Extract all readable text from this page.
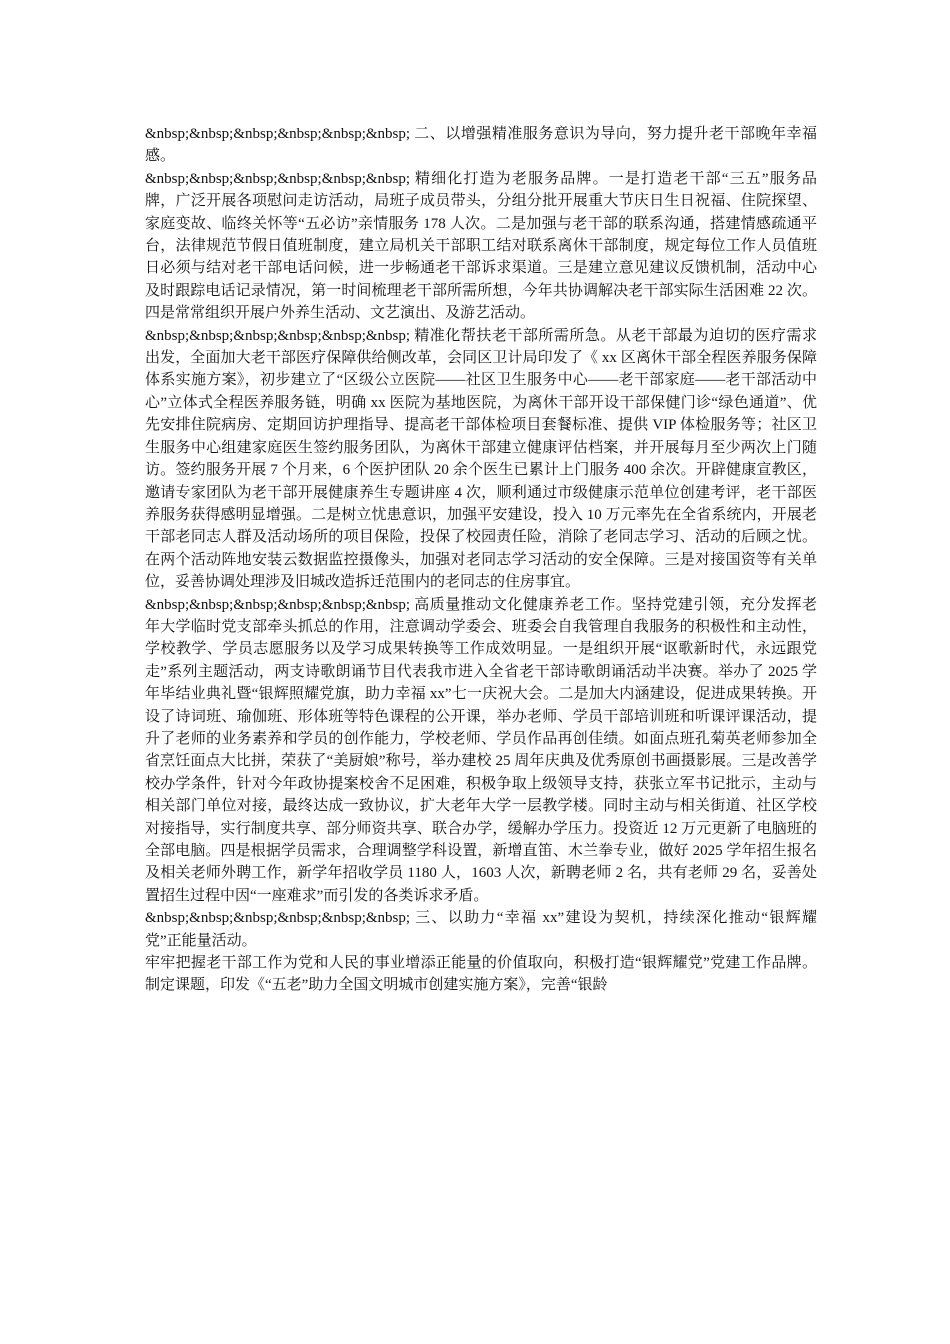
&nbsp;&nbsp;&nbsp;&nbsp;&nbsp;&nbsp; 二、以增强精准服务意识为导向，努力提升老干部晚年幸福感。

&nbsp;&nbsp;&nbsp;&nbsp;&nbsp;&nbsp; 精细化打造为老服务品牌。一是打造老干部“三五”服务品牌，广泛开展各项慰问走访活动，局班子成员带头，分组分批开展重大节庆日生日祝福、住院探望、家庭变故、临终关怀等“五必访”亲情服务 178 人次。二是加强与老干部的联系沟通，搭建情感疏通平台，法律规范节假日值班制度，建立局机关干部职工结对联系离休干部制度，规定每位工作人员值班日必须与结对老干部电话问候，进一步畅通老干部诉求渠道。三是建立意见建议反馈机制，活动中心及时跟踪电话记录情况，第一时间梳理老干部所需所想，今年共协调解决老干部实际生活困难 22 次。四是常常组织开展户外养生活动、文艺演出、及游艺活动。

&nbsp;&nbsp;&nbsp;&nbsp;&nbsp;&nbsp; 精准化帮扶老干部所需所急。从老干部最为迫切的医疗需求出发，全面加大老干部医疗保障供给侧改革，会同区卫计局印发了《 xx 区离休干部全程医养服务保障体系实施方案》，初步建立了“区级公立医院——社区卫生服务中心——老干部家庭——老干部活动中心”立体式全程医养服务链，明确 xx 医院为基地医院，为离休干部开设干部保健门诊“绿色通道”、优先安排住院病房、定期回访护理指导、提高老干部体检项目套餐标准、提供 VIP 体检服务等；社区卫生服务中心组建家庭医生签约服务团队，为离休干部建立健康评估档案，并开展每月至少两次上门随访。签约服务开展 7 个月来，6 个医护团队 20 余个医生已累计上门服务 400 余次。开辟健康宣教区，邀请专家团队为老干部开展健康养生专题讲座 4 次，顺利通过市级健康示范单位创建考评，老干部医养服务获得感明显增强。二是树立忧患意识，加强平安建设，投入 10 万元率先在全省系统内，开展老干部老同志人群及活动场所的项目保险，投保了校园责任险，消除了老同志学习、活动的后顾之忧。在两个活动阵地安装云数据监控摄像头，加强对老同志学习活动的安全保障。三是对接国资等有关单位，妥善协调处理涉及旧城改造拆迁范围内的老同志的住房事宜。

&nbsp;&nbsp;&nbsp;&nbsp;&nbsp;&nbsp; 高质量推动文化健康养老工作。坚持党建引领，充分发挥老年大学临时党支部牵头抓总的作用，注意调动学委会、班委会自我管理自我服务的积极性和主动性，学校教学、学员志愿服务以及学习成果转换等工作成效明显。一是组织开展“讴歌新时代，永远跟党走”系列主题活动，两支诗歌朗诵节目代表我市进入全省老干部诗歌朗诵活动半决赛。举办了 2025 学年毕结业典礼暨“银辉照耀党旗，助力幸福 xx”七一庆祝大会。二是加大内涵建设，促进成果转换。开设了诗词班、瑜伽班、形体班等特色课程的公开课，举办老师、学员干部培训班和听课评课活动，提升了老师的业务素养和学员的创作能力，学校老师、学员作品再创佳绩。如面点班孔菊英老师参加全省烹饪面点大比拼，荣获了“美厨娘”称号，举办建校 25 周年庆典及优秀原创书画摄影展。三是改善学校办学条件，针对今年政协提案校舍不足困难，积极争取上级领导支持，获张立军书记批示，主动与相关部门单位对接，最终达成一致协议，扩大老年大学一层教学楼。同时主动与相关街道、社区学校对接指导，实行制度共享、部分师资共享、联合办学，缓解办学压力。投资近 12 万元更新了电脑班的全部电脑。四是根据学员需求，合理调整学科设置，新增直笛、木兰拳专业，做好 2025 学年招生报名及相关老师外聘工作，新学年招收学员 1180 人，1603 人次，新聘老师 2 名，共有老师 29 名，妥善处置招生过程中因“一座难求”而引发的各类诉求矛盾。

&nbsp;&nbsp;&nbsp;&nbsp;&nbsp;&nbsp; 三、以助力“幸福 xx”建设为契机，持续深化推动“银辉耀党”正能量活动。

牢牢把握老干部工作为党和人民的事业增添正能量的价值取向，积极打造“银辉耀党”党建工作品牌。制定课题，印发《“五老”助力全国文明城市创建实施方案》，完善“银龄
